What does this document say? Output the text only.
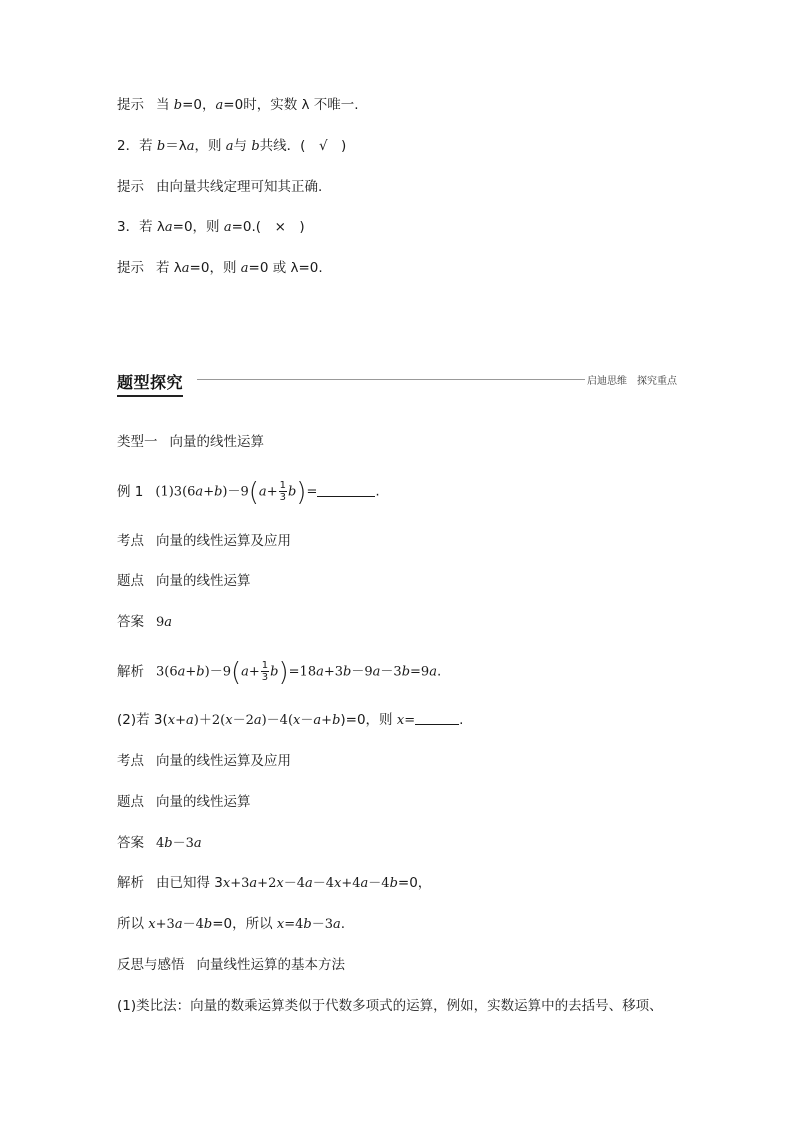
提示 当 b=0，a=0时，实数 λ 不唯一.
2．若 b＝λa，则 a与 b共线．(　√　)
提示 由向量共线定理可知其正确.
3．若 λa=0，则 a=0.(　×　)
提示 若 λa=0，则 a=0 或 λ=0.
题型探究	启迪思维　探究重点
类型一 向量的线性运算
例 1 $(1)3(6a+b)-9(a+ \frac{1}{3} b)=$	.
考点 向量的线性运算及应用
题点 向量的线性运算
答案 9a
解析 $3(6a+b)-9(a+ \frac{1}{3} b)=18a+3b-9a-3b=9a$.
(2)若 3(x+a)＋2(x－2a)－4(x－a+b)=0，则 x=	.
考点 向量的线性运算及应用
题点 向量的线性运算
答案 4b－3a
解析 由已知得 3x+3a+2x－4a－4x+4a－4b=0，
所以 x+3a－4b=0，所以 x=4b－3a.
反思与感悟 向量线性运算的基本方法
(1)类比法：向量的数乘运算类似于代数多项式的运算，例如，实数运算中的去括号、移项、
